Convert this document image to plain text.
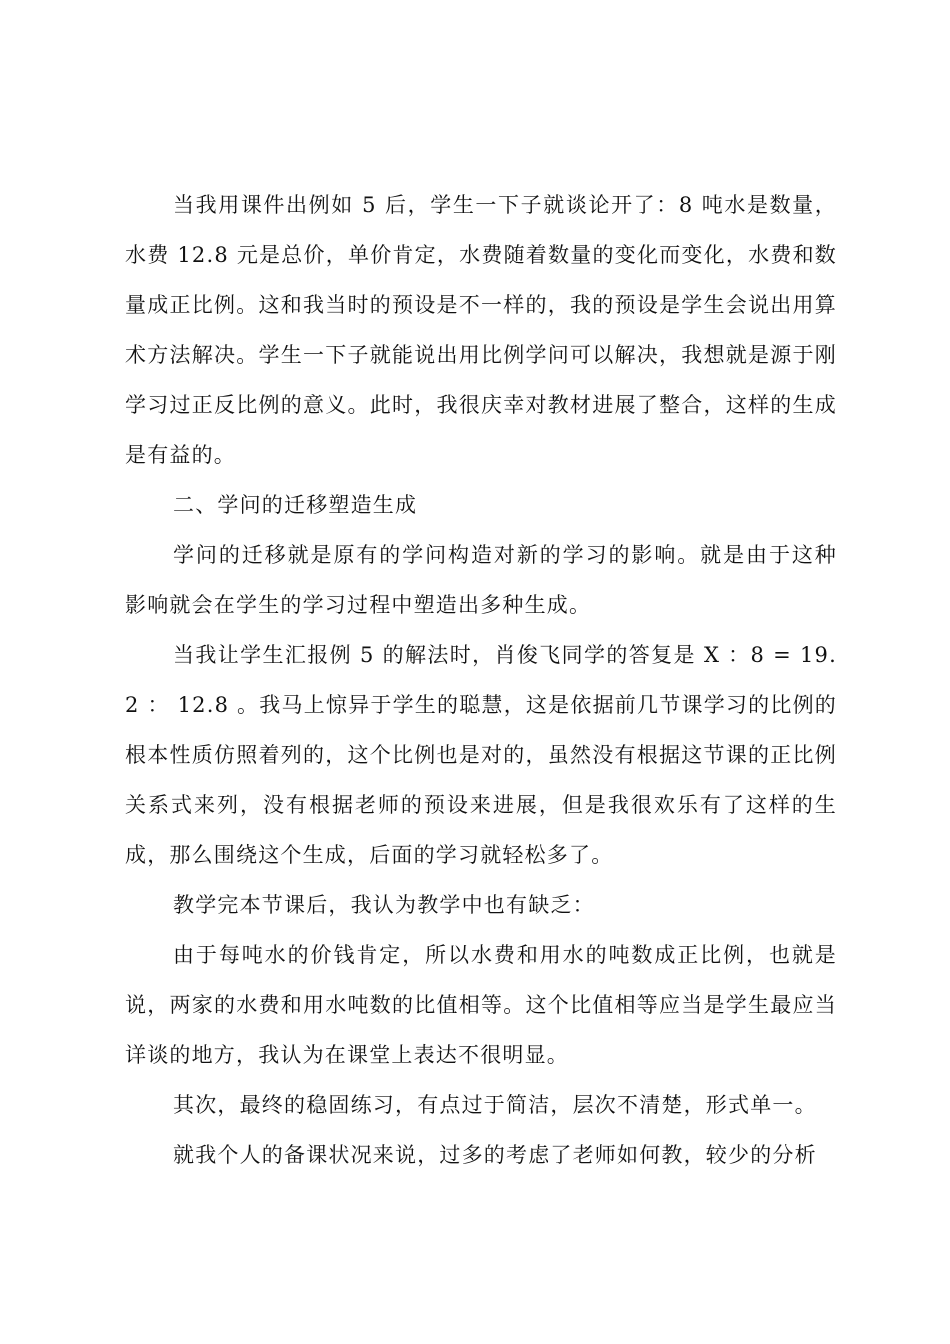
当我用课件出例如 5 后，学生一下子就谈论开了：8 吨水是数量，水费 12.8 元是总价，单价肯定，水费随着数量的变化而变化，水费和数量成正比例。这和我当时的预设是不一样的，我的预设是学生会说出用算术方法解决。学生一下子就能说出用比例学问可以解决，我想就是源于刚学习过正反比例的意义。此时，我很庆幸对教材进展了整合，这样的生成是有益的。

二、学问的迁移塑造生成

学问的迁移就是原有的学问构造对新的学习的影响。就是由于这种影响就会在学生的学习过程中塑造出多种生成。

当我让学生汇报例 5 的解法时，肖俊飞同学的答复是 X ：8 = 19.2 ： 12.8 。我马上惊异于学生的聪慧，这是依据前几节课学习的比例的根本性质仿照着列的，这个比例也是对的，虽然没有根据这节课的正比例关系式来列，没有根据老师的预设来进展，但是我很欢乐有了这样的生成，那么围绕这个生成，后面的学习就轻松多了。

教学完本节课后，我认为教学中也有缺乏：

由于每吨水的价钱肯定，所以水费和用水的吨数成正比例，也就是说，两家的水费和用水吨数的比值相等。这个比值相等应当是学生最应当详谈的地方，我认为在课堂上表达不很明显。

其次，最终的稳固练习，有点过于简洁，层次不清楚，形式单一。

就我个人的备课状况来说，过多的考虑了老师如何教，较少的分析
